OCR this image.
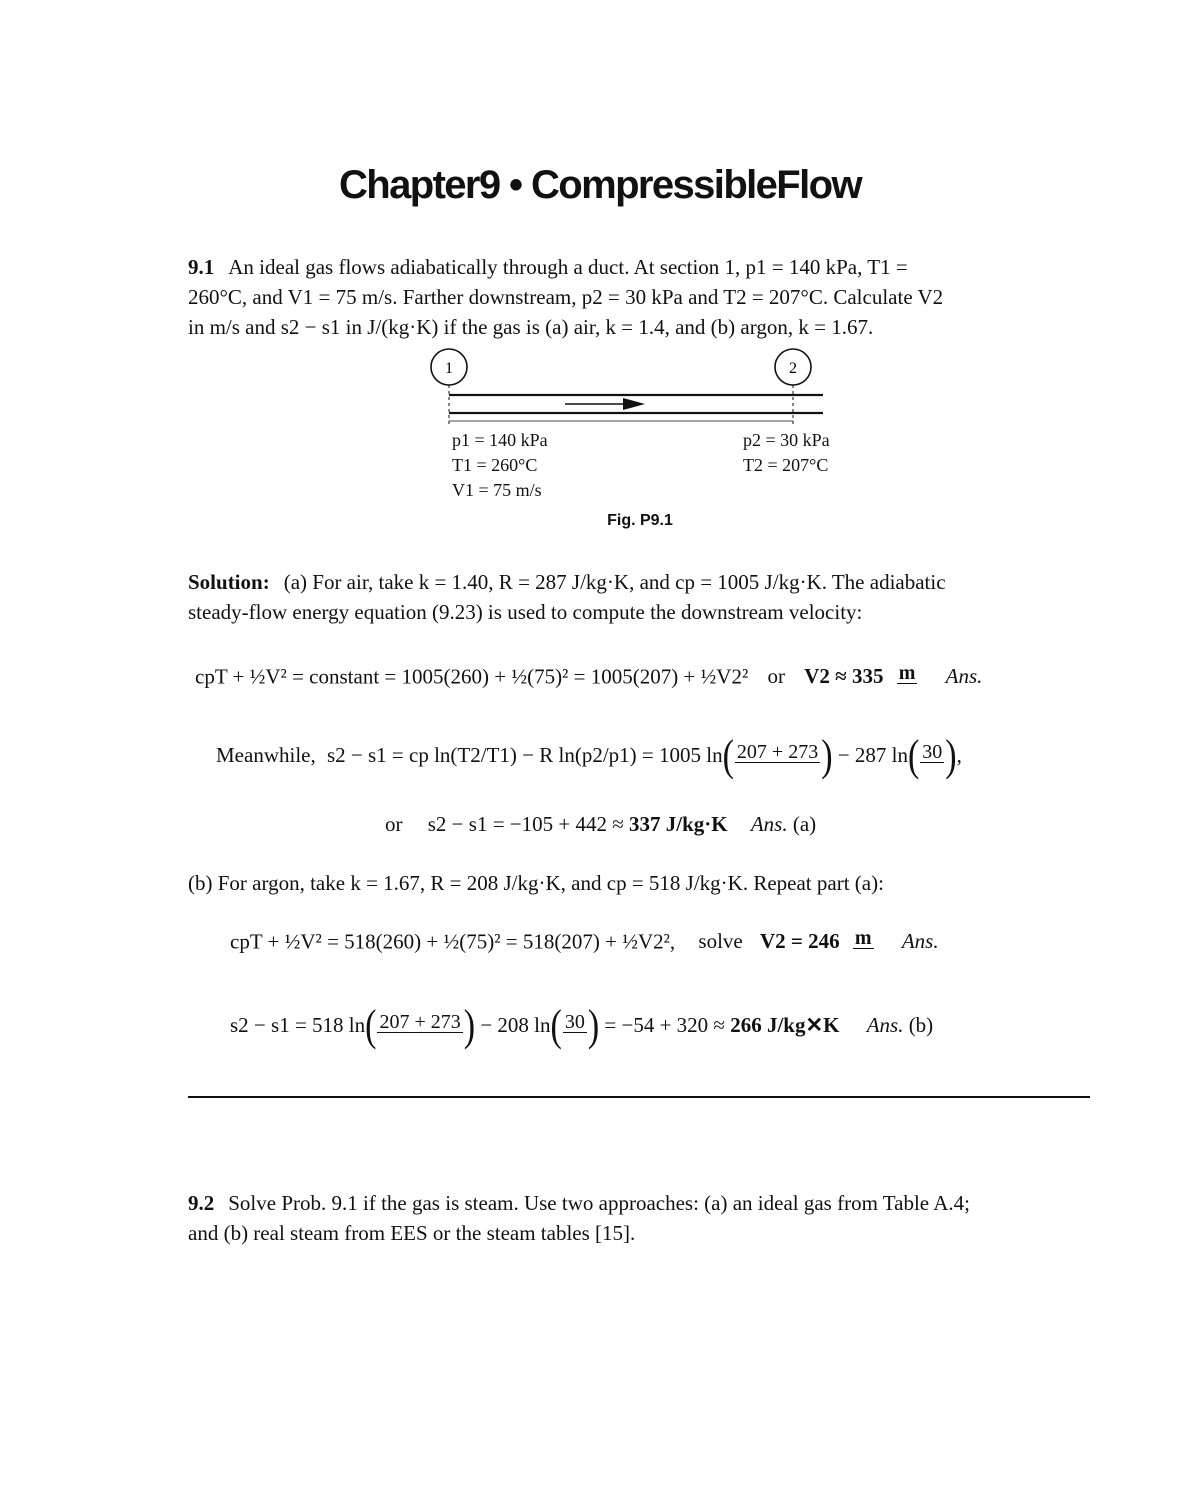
Chapter9 • CompressibleFlow
9.1 An ideal gas flows adiabatically through a duct. At section 1, p1 = 140 kPa, T1 =
260°C, and V1 = 75 m/s. Farther downstream, p2 = 30 kPa and T2 = 207°C. Calculate V2
in m/s and s2 − s1 in J/(kg·K) if the gas is (a) air, k = 1.4, and (b) argon, k = 1.67.
1	2
p1 = 140 kPa
T1 = 260°C
V1 = 75 m/s
p2 = 30 kPa
T2 = 207°C
Fig. P9.1
Solution: (a) For air, take k = 1.40, R = 287 J/kg·K, and cp = 1005 J/kg·K. The adiabatic
steady-flow energy equation (9.23) is used to compute the downstream velocity:
cpT + ½V² = constant = 1005(260) + ½(75)² = 1005(207) + ½V2² or V2 ≈ 335 m Ans.
Meanwhile, s2 − s1 = cp ln(T2/T1) − R ln(p2/p1) = 1005 ln( 207 + 273 ) − 287 ln( 30 ),
or s2 − s1 = −105 + 442 ≈ 337 J/kg·K Ans. (a)
(b) For argon, take k = 1.67, R = 208 J/kg·K, and cp = 518 J/kg·K. Repeat part (a):
cpT + ½V² = 518(260) + ½(75)² = 518(207) + ½V2², solve V2 = 246 m Ans.
s2 − s1 = 518 ln( 207 + 273 ) − 208 ln( 30 ) = −54 + 320 ≈ 266 J/kg✕K Ans. (b)
9.2 Solve Prob. 9.1 if the gas is steam. Use two approaches: (a) an ideal gas from Table A.4;
and (b) real steam from EES or the steam tables [15].
